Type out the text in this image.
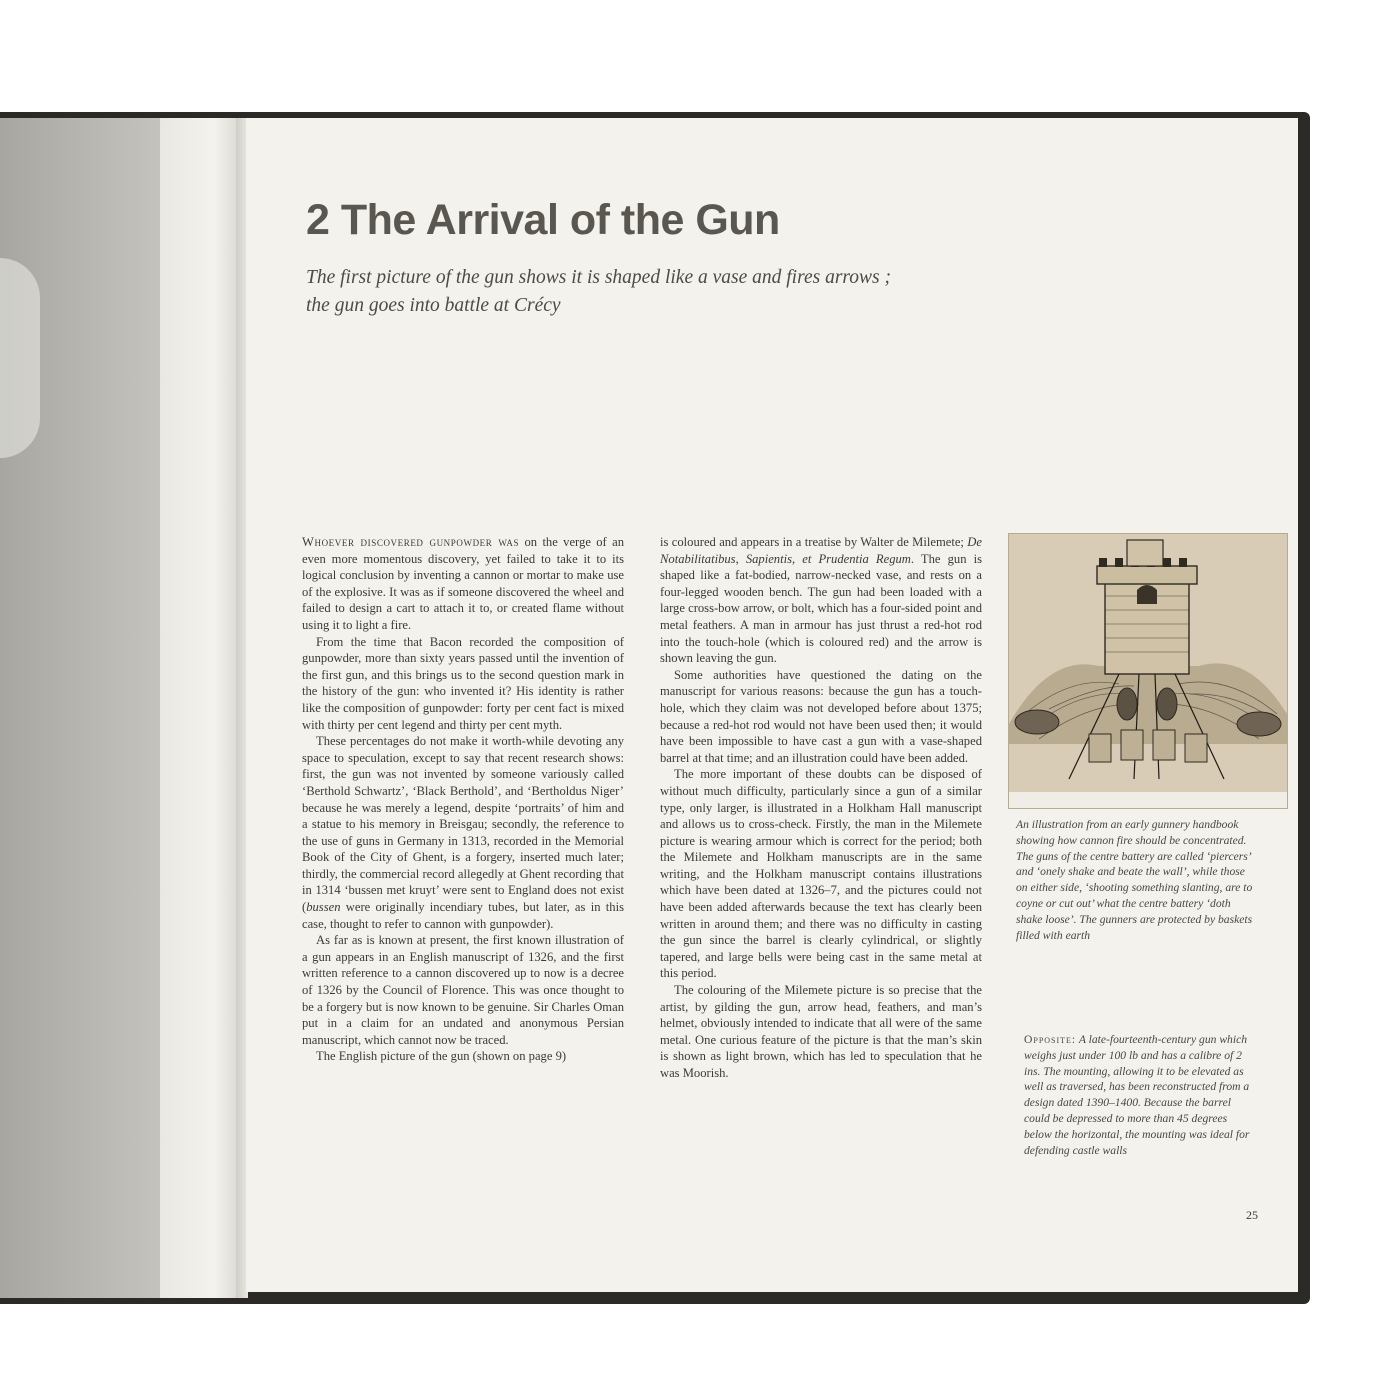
2 The Arrival of the Gun
The first picture of the gun shows it is shaped like a vase and fires arrows ;
the gun goes into battle at Crécy

Whoever discovered gunpowder was on the verge of an even more momentous discovery, yet failed to take it to its logical conclusion by inventing a cannon or mortar to make use of the explosive. It was as if someone discovered the wheel and failed to design a cart to attach it to, or created flame without using it to light a fire.

From the time that Bacon recorded the composition of gunpowder, more than sixty years passed until the invention of the first gun, and this brings us to the second question mark in the history of the gun: who invented it? His identity is rather like the composition of gunpowder: forty per cent fact is mixed with thirty per cent legend and thirty per cent myth.

These percentages do not make it worth-while devoting any space to speculation, except to say that recent research shows: first, the gun was not invented by someone variously called ‘Berthold Schwartz’, ‘Black Berthold’, and ‘Bertholdus Niger’ because he was merely a legend, despite ‘portraits’ of him and a statue to his memory in Breisgau; secondly, the reference to the use of guns in Germany in 1313, recorded in the Memorial Book of the City of Ghent, is a forgery, inserted much later; thirdly, the commercial record allegedly at Ghent recording that in 1314 ‘bussen met kruyt’ were sent to England does not exist (bussen were originally incendiary tubes, but later, as in this case, thought to refer to cannon with gunpowder).

As far as is known at present, the first known illustration of a gun appears in an English manuscript of 1326, and the first written reference to a cannon discovered up to now is a decree of 1326 by the Council of Florence. This was once thought to be a forgery but is now known to be genuine. Sir Charles Oman put in a claim for an undated and anonymous Persian manuscript, which cannot now be traced.

The English picture of the gun (shown on page 9)

is coloured and appears in a treatise by Walter de Milemete; De Notabilitatibus, Sapientis, et Prudentia Regum. The gun is shaped like a fat-bodied, narrow-necked vase, and rests on a four-legged wooden bench. The gun had been loaded with a large cross-bow arrow, or bolt, which has a four-sided point and metal feathers. A man in armour has just thrust a red-hot rod into the touch-hole (which is coloured red) and the arrow is shown leaving the gun.

Some authorities have questioned the dating on the manuscript for various reasons: because the gun has a touch-hole, which they claim was not developed before about 1375; because a red-hot rod would not have been used then; it would have been impossible to have cast a gun with a vase-shaped barrel at that time; and an illustration could have been added.

The more important of these doubts can be disposed of without much difficulty, particularly since a gun of a similar type, only larger, is illustrated in a Holkham Hall manuscript and allows us to cross-check. Firstly, the man in the Milemete picture is wearing armour which is correct for the period; both the Milemete and Holkham manuscripts are in the same writing, and the Holkham manuscript contains illustrations which have been dated at 1326–7, and the pictures could not have been added afterwards because the text has clearly been written in around them; and there was no difficulty in casting the gun since the barrel is clearly cylindrical, or slightly tapered, and large bells were being cast in the same metal at this period.

The colouring of the Milemete picture is so precise that the artist, by gilding the gun, arrow head, feathers, and man’s helmet, obviously intended to indicate that all were of the same metal. One curious feature of the picture is that the man’s skin is shown as light brown, which has led to speculation that he was Moorish.

An illustration from an early gunnery handbook showing how cannon fire should be concentrated. The guns of the centre battery are called ‘piercers’ and ‘onely shake and beate the wall’, while those on either side, ‘shooting something slanting, are to coyne or cut out’ what the centre battery ‘doth shake loose’. The gunners are protected by baskets filled with earth
Opposite: A late-fourteenth-century gun which weighs just under 100 lb and has a calibre of 2 ins. The mounting, allowing it to be elevated as well as traversed, has been reconstructed from a design dated 1390–1400. Because the barrel could be depressed to more than 45 degrees below the horizontal, the mounting was ideal for defending castle walls
25
